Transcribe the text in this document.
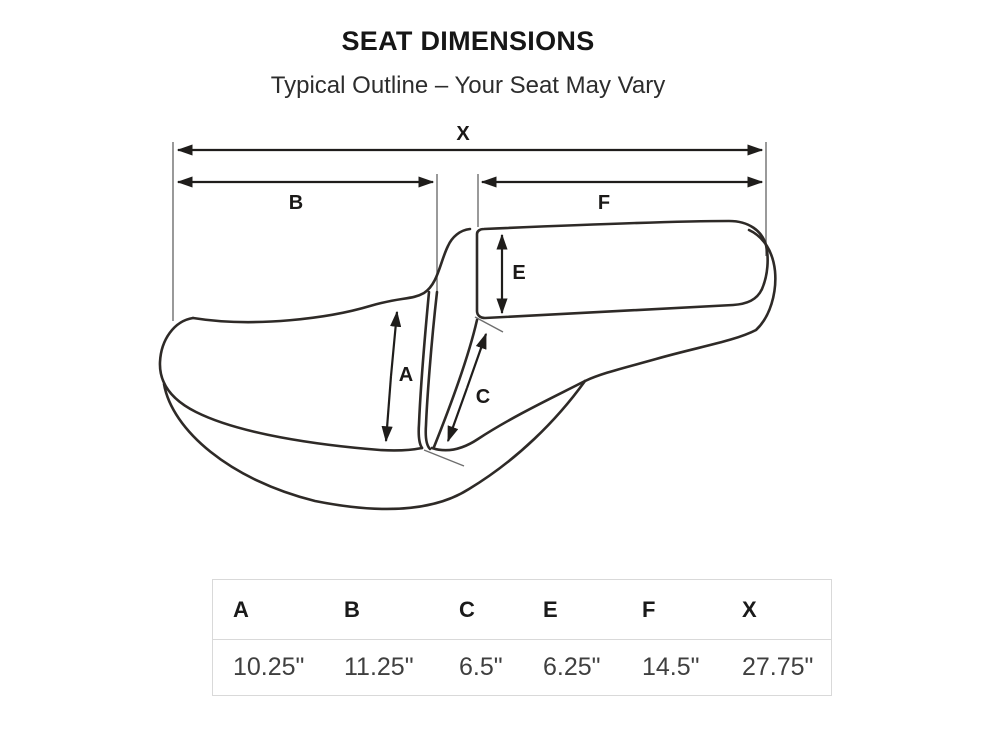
SEAT DIMENSIONS
Typical Outline – Your Seat May Vary
X
B	F
E
A
C
A	B	C	E	F	X
10.25"	11.25"	6.5"	6.25"	14.5"	27.75"
